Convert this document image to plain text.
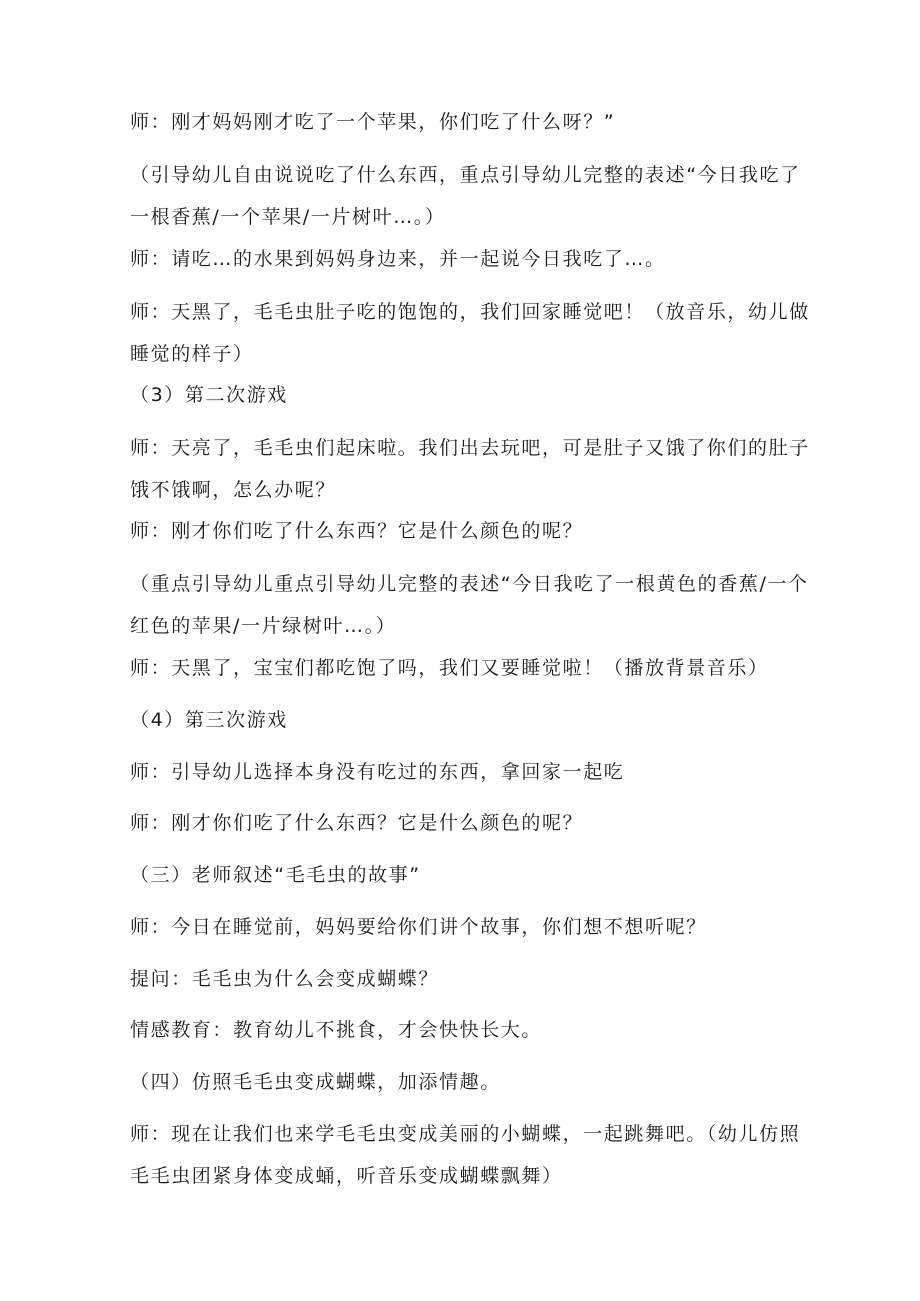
师：刚才妈妈刚才吃了一个苹果，你们吃了什么呀？”

（引导幼儿自由说说吃了什么东西，重点引导幼儿完整的表述“今日我吃了一根香蕉/一个苹果/一片树叶…。）

师：请吃…的水果到妈妈身边来，并一起说今日我吃了…。

师：天黑了，毛毛虫肚子吃的饱饱的，我们回家睡觉吧！（放音乐，幼儿做睡觉的样子）

（3）第二次游戏

师：天亮了，毛毛虫们起床啦。我们出去玩吧，可是肚子又饿了你们的肚子饿不饿啊，怎么办呢？

师：刚才你们吃了什么东西？它是什么颜色的呢？

（重点引导幼儿重点引导幼儿完整的表述“今日我吃了一根黄色的香蕉/一个红色的苹果/一片绿树叶…。）

师：天黑了，宝宝们都吃饱了吗，我们又要睡觉啦！（播放背景音乐）

（4）第三次游戏

师：引导幼儿选择本身没有吃过的东西，拿回家一起吃

师：刚才你们吃了什么东西？它是什么颜色的呢？

（三）老师叙述“毛毛虫的故事”

师：今日在睡觉前，妈妈要给你们讲个故事，你们想不想听呢？

提问：毛毛虫为什么会变成蝴蝶？

情感教育：教育幼儿不挑食，才会快快长大。

（四）仿照毛毛虫变成蝴蝶，加添情趣。

师：现在让我们也来学毛毛虫变成美丽的小蝴蝶，一起跳舞吧。（幼儿仿照毛毛虫团紧身体变成蛹，听音乐变成蝴蝶飘舞）
